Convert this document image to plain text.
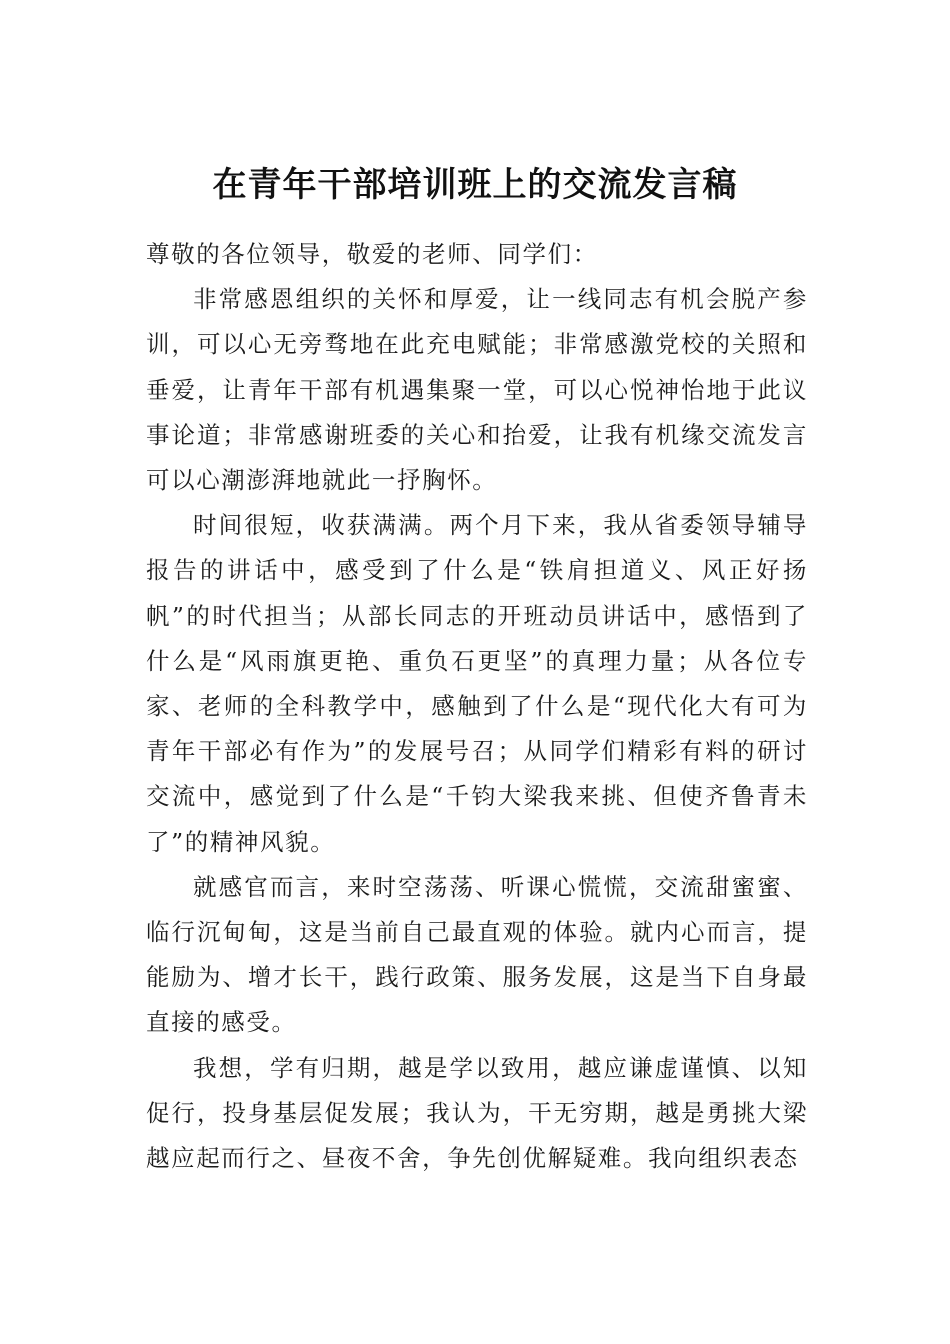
在青年干部培训班上的交流发言稿

尊敬的各位领导，敬爱的老师、同学们：

非常感恩组织的关怀和厚爱，让一线同志有机会脱产参训，可以心无旁骛地在此充电赋能；非常感激党校的关照和垂爱，让青年干部有机遇集聚一堂，可以心悦神怡地于此议事论道；非常感谢班委的关心和抬爱，让我有机缘交流发言可以心潮澎湃地就此一抒胸怀。

时间很短，收获满满。两个月下来，我从省委领导辅导报告的讲话中，感受到了什么是“铁肩担道义、风正好扬帆”的时代担当；从部长同志的开班动员讲话中，感悟到了什么是“风雨旗更艳、重负石更坚”的真理力量；从各位专家、老师的全科教学中，感触到了什么是“现代化大有可为青年干部必有作为”的发展号召；从同学们精彩有料的研讨交流中，感觉到了什么是“千钧大梁我来挑、但使齐鲁青未了”的精神风貌。

就感官而言，来时空荡荡、听课心慌慌，交流甜蜜蜜、临行沉甸甸，这是当前自己最直观的体验。就内心而言，提能励为、增才长干，践行政策、服务发展，这是当下自身最直接的感受。

我想，学有归期，越是学以致用，越应谦虚谨慎、以知促行，投身基层促发展；我认为，干无穷期，越是勇挑大梁越应起而行之、昼夜不舍，争先创优解疑难。我向组织表态
